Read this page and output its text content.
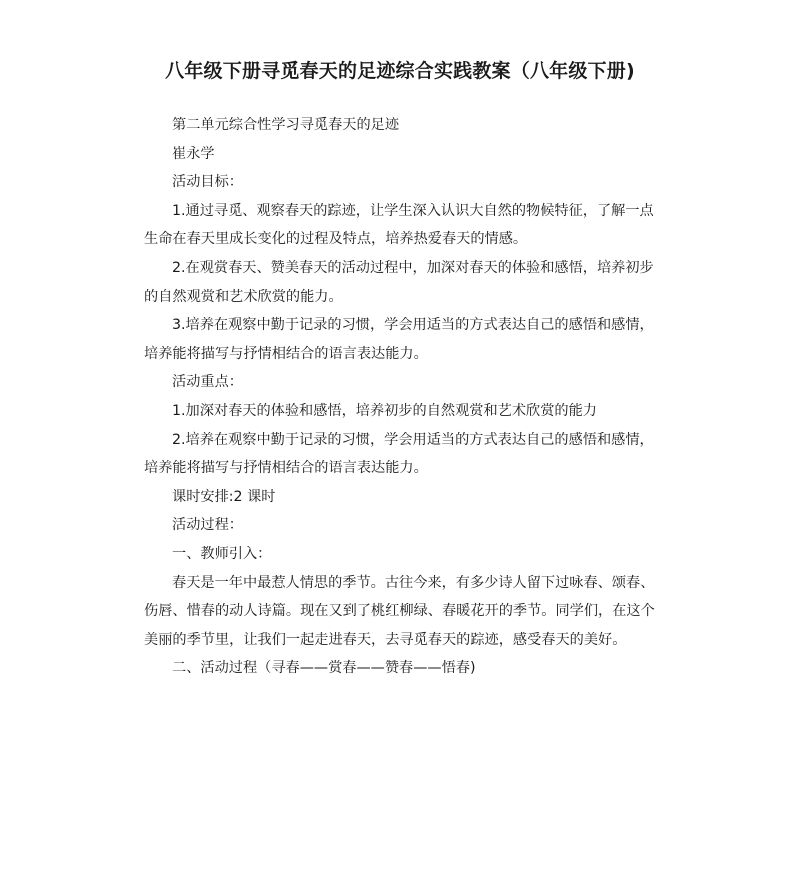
八年级下册寻觅春天的足迹综合实践教案（八年级下册)

第二单元综合性学习寻觅春天的足迹

崔永学

活动目标：

1.通过寻觅、观察春天的踪迹，让学生深入认识大自然的物候特征，了解一点

生命在春天里成长变化的过程及特点，培养热爱春天的情感。

2.在观赏春天、赞美春天的活动过程中，加深对春天的体验和感悟，培养初步

的自然观赏和艺术欣赏的能力。

3.培养在观察中勤于记录的习惯，学会用适当的方式表达自己的感悟和感情，

培养能将描写与抒情相结合的语言表达能力。

活动重点：

1.加深对春天的体验和感悟，培养初步的自然观赏和艺术欣赏的能力

2.培养在观察中勤于记录的习惯，学会用适当的方式表达自己的感悟和感情，

培养能将描写与抒情相结合的语言表达能力。

课时安排:2 课时

活动过程：

一、教师引入：

春天是一年中最惹人情思的季节。古往今来，有多少诗人留下过咏春、颂春、

伤唇、惜春的动人诗篇。现在又到了桃红柳绿、春暖花开的季节。同学们，在这个

美丽的季节里，让我们一起走进春天，去寻觅春天的踪迹，感受春天的美好。

二、活动过程（寻春——赏春——赞春——悟春)
